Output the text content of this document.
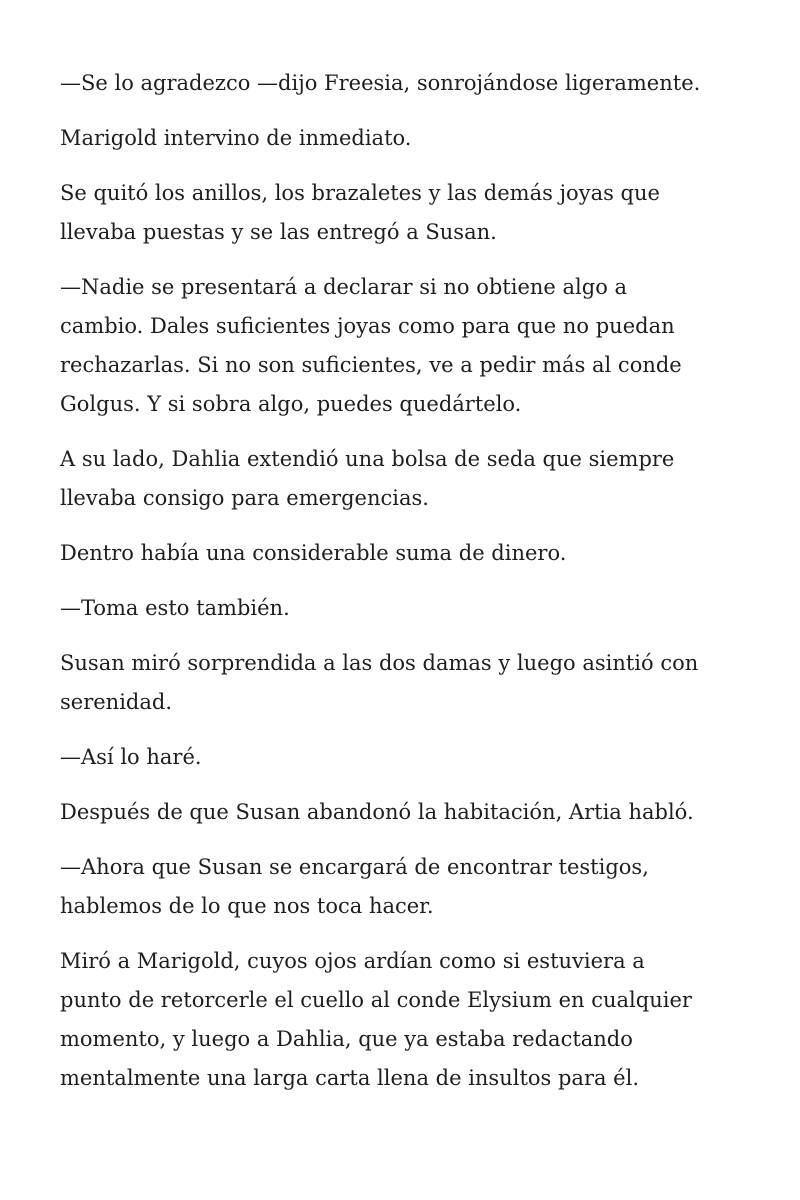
—Se lo agradezco —dijo Freesia, sonrojándose ligeramente.

Marigold intervino de inmediato.

Se quitó los anillos, los brazaletes y las demás joyas que
llevaba puestas y se las entregó a Susan.

—Nadie se presentará a declarar si no obtiene algo a
cambio. Dales suficientes joyas como para que no puedan
rechazarlas. Si no son suficientes, ve a pedir más al conde
Golgus. Y si sobra algo, puedes quedártelo.

A su lado, Dahlia extendió una bolsa de seda que siempre
llevaba consigo para emergencias.

Dentro había una considerable suma de dinero.

—Toma esto también.

Susan miró sorprendida a las dos damas y luego asintió con
serenidad.

—Así lo haré.

Después de que Susan abandonó la habitación, Artia habló.

—Ahora que Susan se encargará de encontrar testigos,
hablemos de lo que nos toca hacer.

Miró a Marigold, cuyos ojos ardían como si estuviera a
punto de retorcerle el cuello al conde Elysium en cualquier
momento, y luego a Dahlia, que ya estaba redactando
mentalmente una larga carta llena de insultos para él.
